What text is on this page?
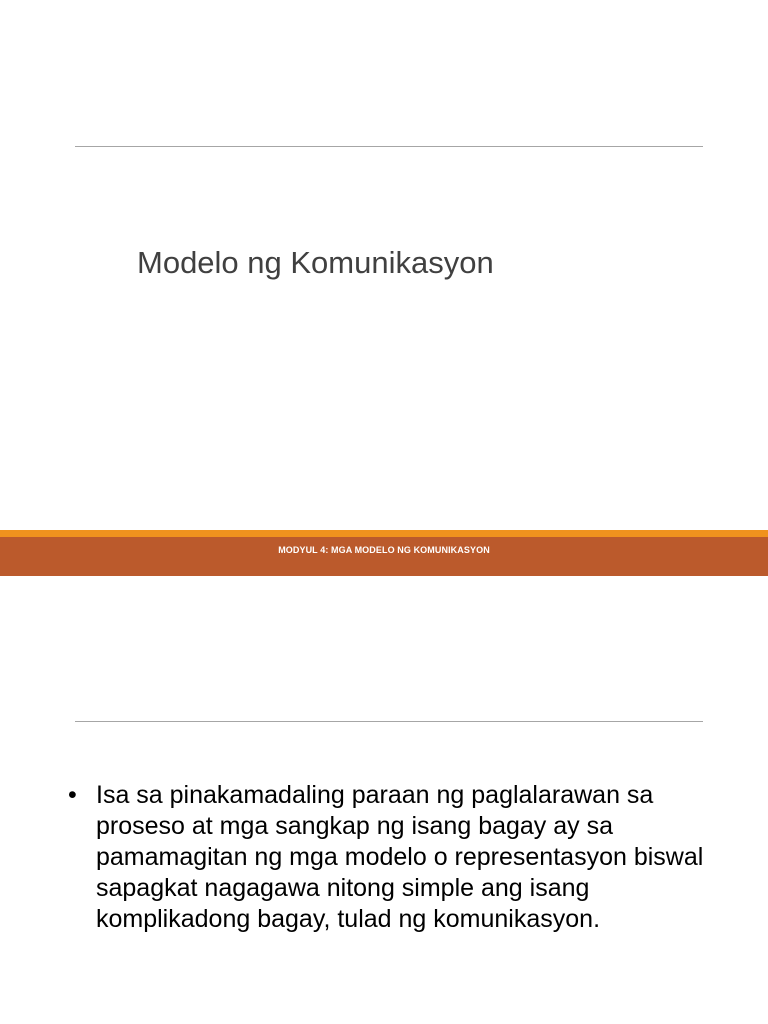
Modelo ng Komunikasyon
MODYUL 4: MGA MODELO NG KOMUNIKASYON
• Isa sa pinakamadaling paraan ng paglalarawan sa proseso at mga sangkap ng isang bagay ay sa pamamagitan ng mga modelo o representasyon biswal sapagkat nagagawa nitong simple ang isang komplikadong bagay, tulad ng komunikasyon.
